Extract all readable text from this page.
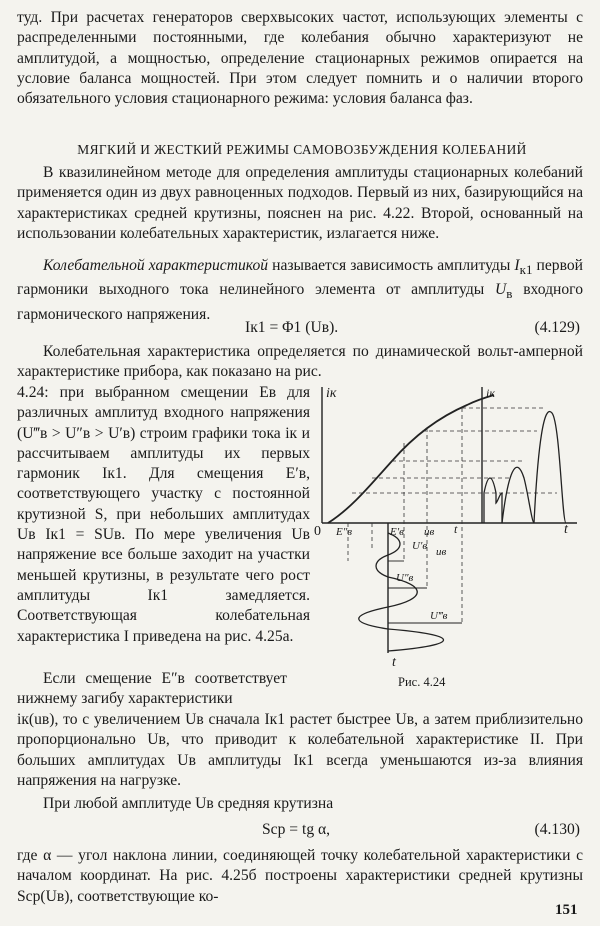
туд. При расчетах генераторов сверхвысоких частот, использующих элементы с распределенными постоянными, где колебания обычно характеризуют не амплитудой, а мощностью, определение стационарных режимов опирается на условие баланса мощностей. При этом следует помнить и о наличии второго обязательного условия стационарного режима: условия баланса фаз.

МЯГКИЙ И ЖЕСТКИЙ РЕЖИМЫ САМОВОЗБУЖДЕНИЯ КОЛЕБАНИЙ

В квазилинейном методе для определения амплитуды стационарных колебаний применяется один из двух равноценных подходов. Первый из них, базирующийся на характеристиках средней крутизны, пояснен на рис. 4.22. Второй, основанный на использовании колебательных характеристик, излагается ниже.

Колебательной характеристикой называется зависимость амплитуды $I_{к1}$ первой гармоники выходного тока нелинейного элемента от амплитуды $U_в$ входного гармонического напряжения.

Iк1 = Φ1 (Uв).	(4.129)

Колебательная характеристика определяется по динамической вольт-амперной характеристике прибора, как показано на рис.

4.24: при выбранном смещении Eв для различных амплитуд входного напряжения (U‴в > U″в > U′в) строим графики тока iк и рассчитываем амплитуды их первых гармоник Iк1. Для смещения E′в, соответствующего участку с постоянной крутизной S, при небольших амплитудах Uв Iк1 = SUв. По мере увеличения Uв напряжение все больше заходит на участки меньшей крутизны, в результате чего рост амплитуды Iк1 замедляется. Соответствующая колебательная характеристика I приведена на рис. 4.25а.

Если смещение E″в соответствует нижнему загибу характеристики

iк(uв), то с увеличением Uв сначала Iк1 растет быстрее Uв, а затем приблизительно пропорционально Uв, что приводит к колебательной характеристике II. При больших амплитудах Uв амплитуды Iк1 всегда уменьшаются из-за влияния напряжения на нагрузке.

При любой амплитуде Uв средняя крутизна

Sср = tg α,	(4.130)

где α — угол наклона линии, соединяющей точку колебательной характеристики с началом координат. На рис. 4.25б построены характеристики средней крутизны Sср(Uв), соответствующие ко-

iк	iк
t	t
t
0 E″в	E′в uв
uв
U′в
U″в
U‴в
Рис. 4.24
151
